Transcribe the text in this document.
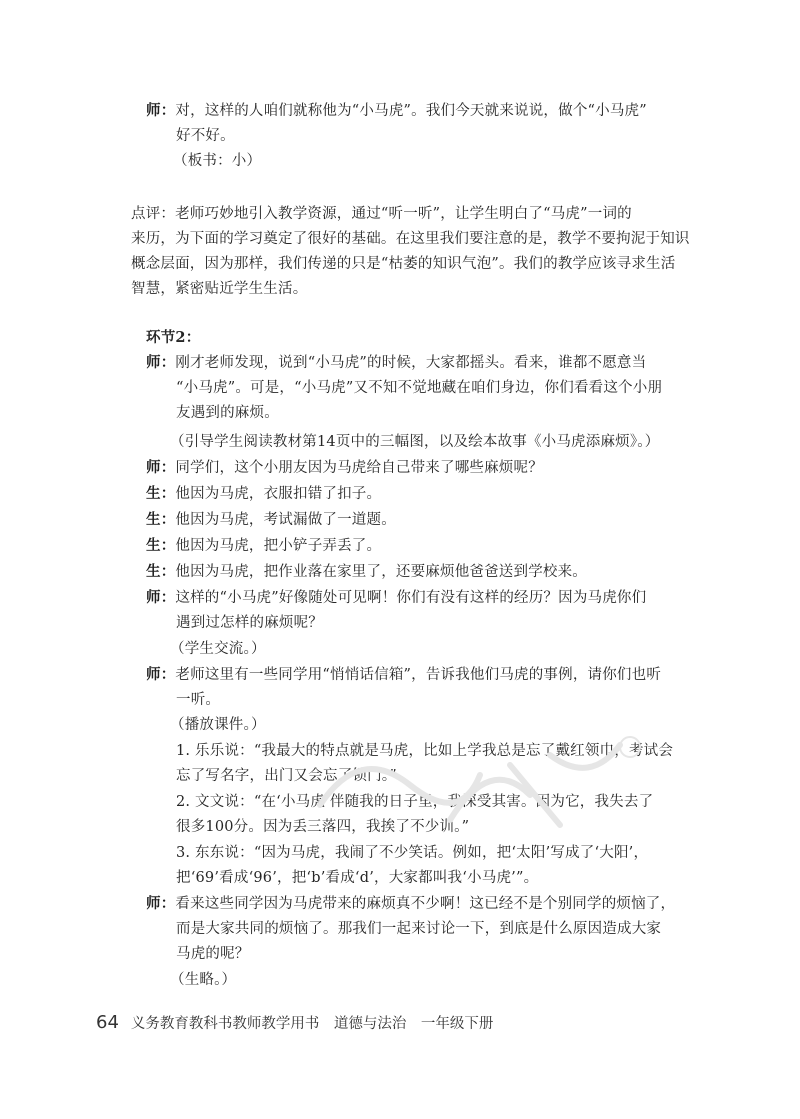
师：对，这样的人咱们就称他为“小马虎”。我们今天就来说说，做个“小马虎”
好不好。
（板书：小）
点评：老师巧妙地引入教学资源，通过“听一听”，让学生明白了“马虎”一词的
来历，为下面的学习奠定了很好的基础。在这里我们要注意的是，教学不要拘泥于知识
概念层面，因为那样，我们传递的只是“枯萎的知识气泡”。我们的教学应该寻求生活
智慧，紧密贴近学生生活。
环节2：
师：刚才老师发现，说到“小马虎”的时候，大家都摇头。看来，谁都不愿意当
“小马虎”。可是，“小马虎”又不知不觉地藏在咱们身边，你们看看这个小朋
友遇到的麻烦。
（引导学生阅读教材第14页中的三幅图，以及绘本故事《小马虎添麻烦》。）
师：同学们，这个小朋友因为马虎给自己带来了哪些麻烦呢？
生：他因为马虎，衣服扣错了扣子。
生：他因为马虎，考试漏做了一道题。
生：他因为马虎，把小铲子弄丢了。
生：他因为马虎，把作业落在家里了，还要麻烦他爸爸送到学校来。
师：这样的“小马虎”好像随处可见啊！你们有没有这样的经历？因为马虎你们
遇到过怎样的麻烦呢？
（学生交流。）
师：老师这里有一些同学用“悄悄话信箱”，告诉我他们马虎的事例，请你们也听
一听。
（播放课件。）
1. 乐乐说：“我最大的特点就是马虎，比如上学我总是忘了戴红领巾，考试会
忘了写名字，出门又会忘了锁门。”
2. 文文说：“在‘小马虎’伴随我的日子里，我深受其害。因为它，我失去了
很多100分。因为丢三落四，我挨了不少训。”
3. 东东说：“因为马虎，我闹了不少笑话。例如，把‘太阳’写成了‘大阳’，
把‘69’看成‘96’，把‘b’看成‘d’，大家都叫我‘小马虎’”。
师：看来这些同学因为马虎带来的麻烦真不少啊！这已经不是个别同学的烦恼了，
而是大家共同的烦恼了。那我们一起来讨论一下，到底是什么原因造成大家
马虎的呢？
（生略。）
64 义务教育教科书教师教学用书　道德与法治　一年级下册
